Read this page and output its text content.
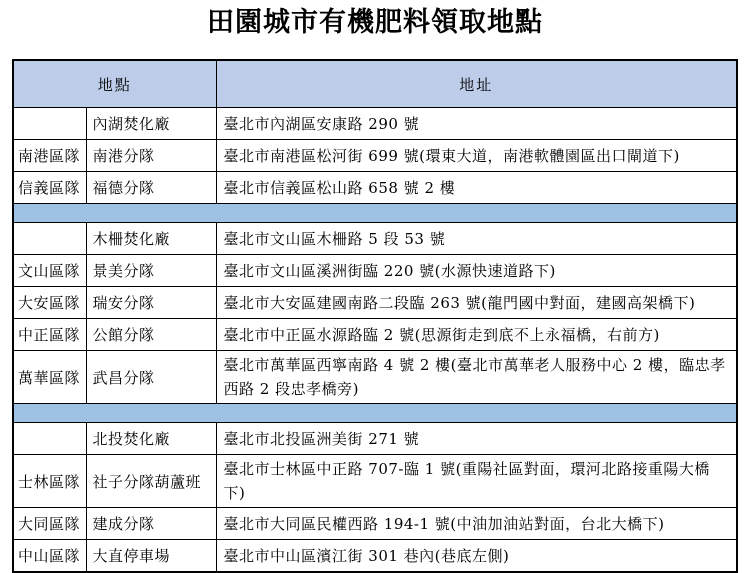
田園城市有機肥料領取地點
地點		地址
	內湖焚化廠	臺北市內湖區安康路 290 號
南港區隊	南港分隊	臺北市南港區松河街 699 號(環東大道，南港軟體園區出口閘道下)
信義區隊	福德分隊	臺北市信義區松山路 658 號 2 樓

	木柵焚化廠	臺北市文山區木柵路 5 段 53 號
文山區隊	景美分隊	臺北市文山區溪洲街臨 220 號(水源快速道路下)
大安區隊	瑞安分隊	臺北市大安區建國南路二段臨 263 號(龍門國中對面，建國高架橋下)
中正區隊	公館分隊	臺北市中正區水源路臨 2 號(思源街走到底不上永福橋，右前方)
萬華區隊	武昌分隊	臺北市萬華區西寧南路 4 號 2 樓(臺北市萬華老人服務中心 2 樓，臨忠孝西路 2 段忠孝橋旁)

	北投焚化廠	臺北市北投區洲美街 271 號
士林區隊	社子分隊葫蘆班	臺北市士林區中正路 707-臨 1 號(重陽社區對面，環河北路接重陽大橋下)
大同區隊	建成分隊	臺北市大同區民權西路 194-1 號(中油加油站對面，台北大橋下)
中山區隊	大直停車場	臺北市中山區濱江街 301 巷內(巷底左側)
